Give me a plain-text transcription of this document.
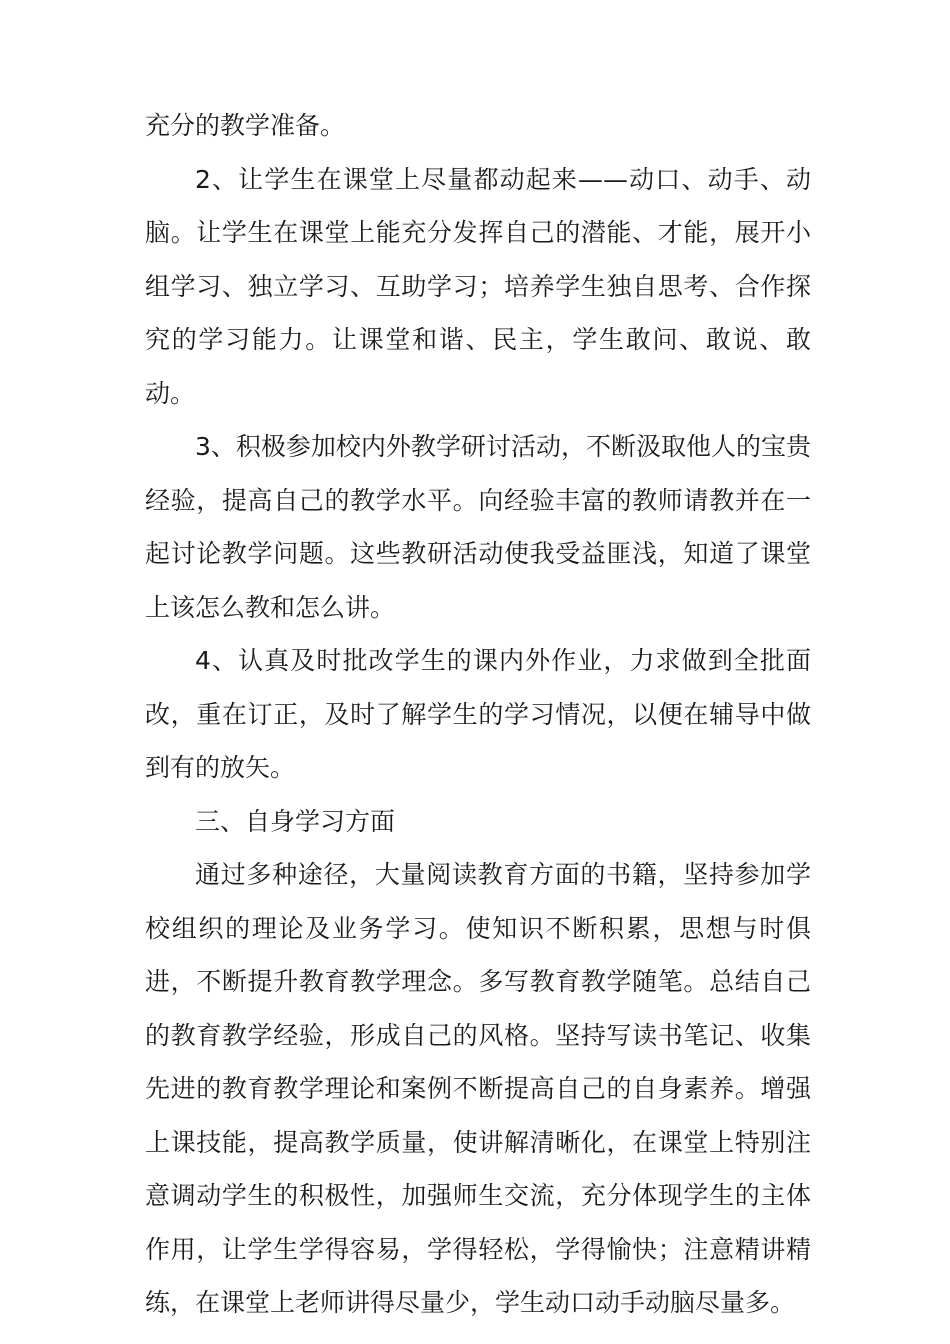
充分的教学准备。

2、让学生在课堂上尽量都动起来——动口、动手、动脑。让学生在课堂上能充分发挥自己的潜能、才能，展开小组学习、独立学习、互助学习；培养学生独自思考、合作探究的学习能力。让课堂和谐、民主，学生敢问、敢说、敢动。

3、积极参加校内外教学研讨活动，不断汲取他人的宝贵经验，提高自己的教学水平。向经验丰富的教师请教并在一起讨论教学问题。这些教研活动使我受益匪浅，知道了课堂上该怎么教和怎么讲。

4、认真及时批改学生的课内外作业，力求做到全批面改，重在订正，及时了解学生的学习情况，以便在辅导中做到有的放矢。

三、自身学习方面

通过多种途径，大量阅读教育方面的书籍，坚持参加学校组织的理论及业务学习。使知识不断积累，思想与时俱进，不断提升教育教学理念。多写教育教学随笔。总结自己的教育教学经验，形成自己的风格。坚持写读书笔记、收集先进的教育教学理论和案例不断提高自己的自身素养。增强上课技能，提高教学质量，使讲解清晰化，在课堂上特别注意调动学生的积极性，加强师生交流，充分体现学生的主体作用，让学生学得容易，学得轻松，学得愉快；注意精讲精练，在课堂上老师讲得尽量少，学生动口动手动脑尽量多。
